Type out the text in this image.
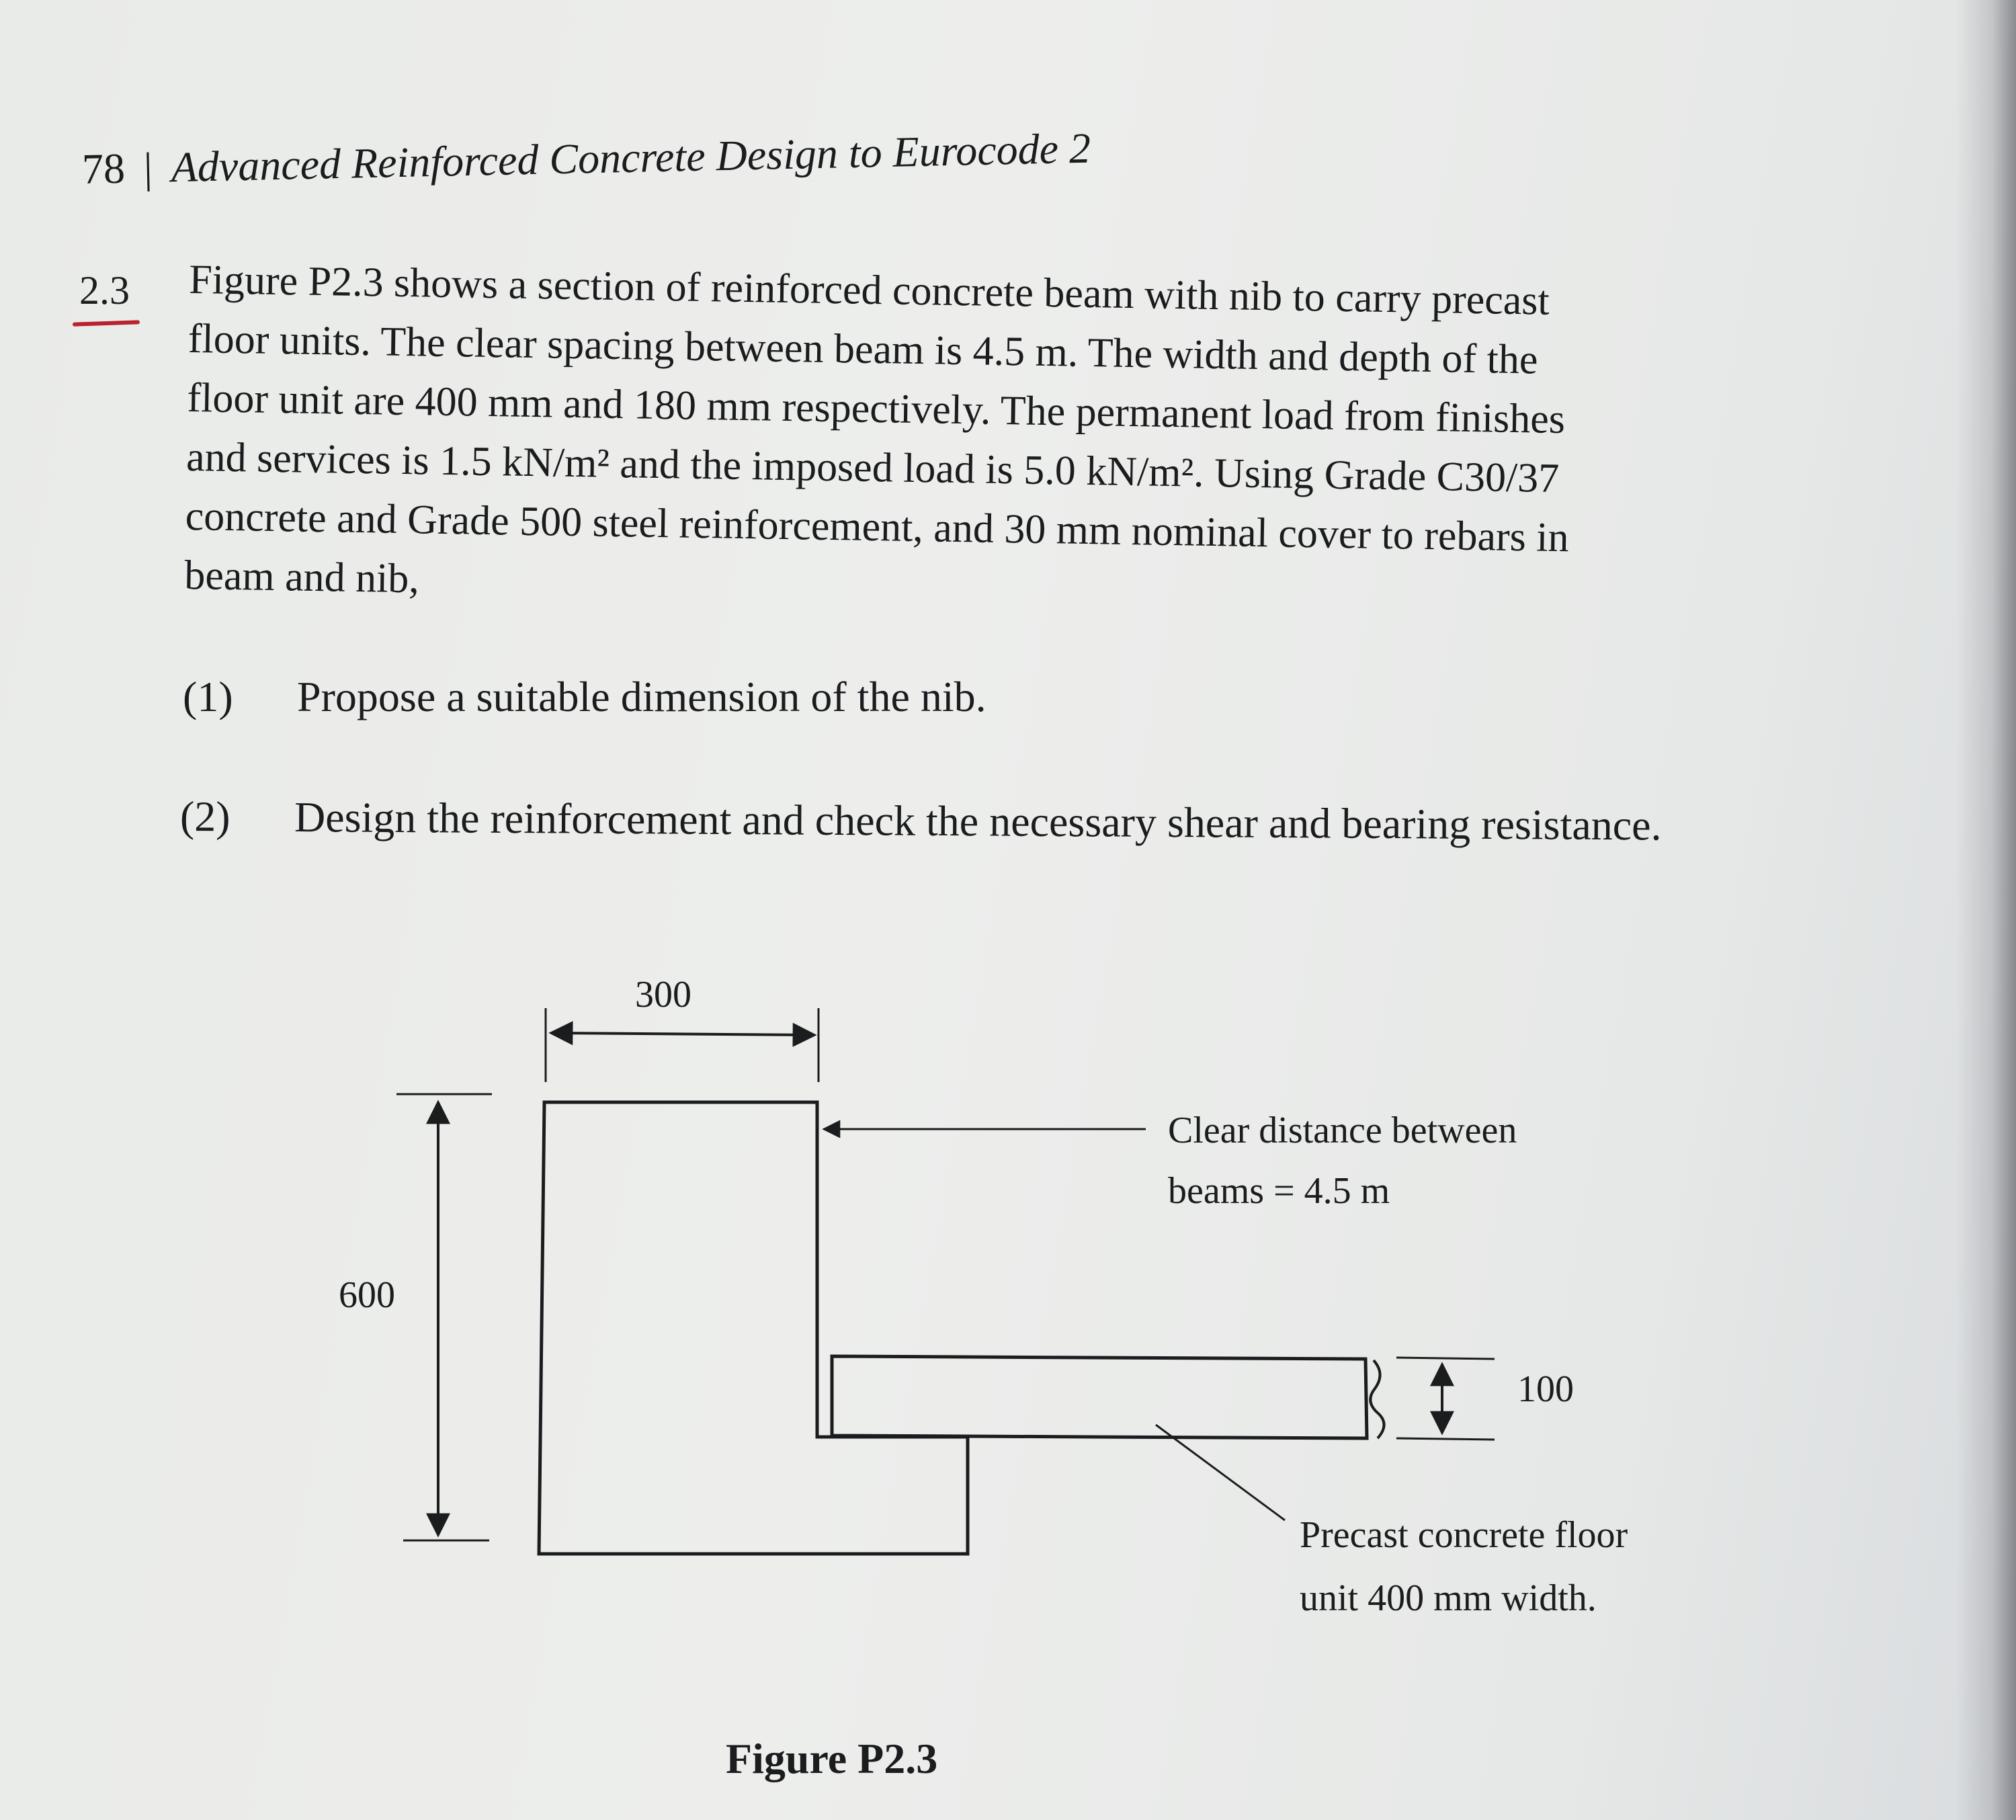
78 | Advanced Reinforced Concrete Design to Eurocode 2
2.3 Figure P2.3 shows a section of reinforced concrete beam with nib to carry precast
floor units. The clear spacing between beam is 4.5 m. The width and depth of the
floor unit are 400 mm and 180 mm respectively. The permanent load from finishes
and services is 1.5 kN/m² and the imposed load is 5.0 kN/m². Using Grade C30/37
concrete and Grade 500 steel reinforcement, and 30 mm nominal cover to rebars in
beam and nib,
(1) Propose a suitable dimension of the nib.
(2) Design the reinforcement and check the necessary shear and bearing resistance.
300
600
100
Clear distance between
beams = 4.5 m
Precast concrete floor
unit 400 mm width.
Figure P2.3
